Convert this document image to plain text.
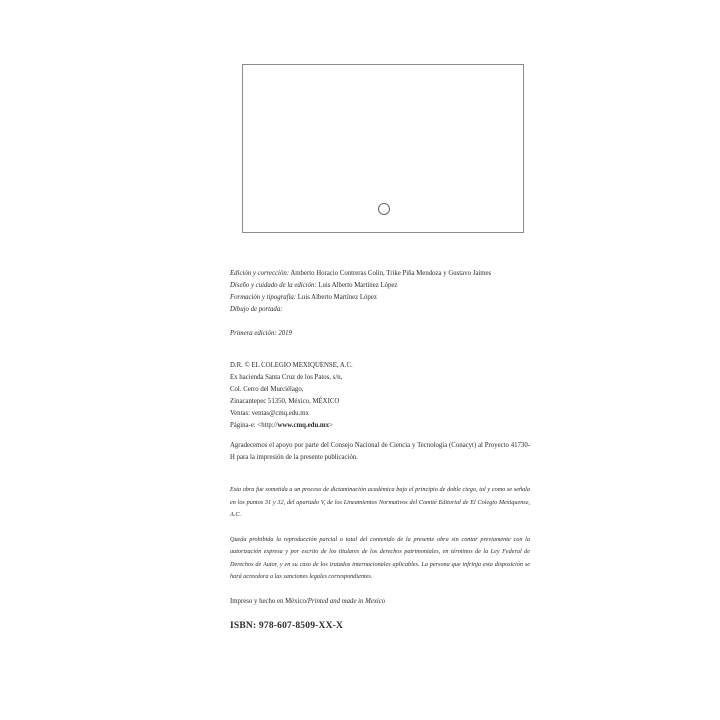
Edición y corrección: Amberto Horacio Contreras Colín, Trike Piña Mendoza y Gustavo Jaimes
Diseño y cuidado de la edición: Luis Alberto Martínez López
Formación y tipografía: Luis Alberto Martínez López
Dibujo de portada:
Primera edición: 2019
D.R. © EL COLEGIO MEXIQUENSE, A.C.
Ex hacienda Santa Cruz de los Patos, s/n,
Col. Cerro del Murciélago,
Zinacantepec 51350, México, MÉXICO
Ventas: ventas@cmq.edu.mx
Página-e: <http://www.cmq.edu.mx>
Agradecemos el apoyo por parte del Consejo Nacional de Ciencia y Tecnología (Conacyt) al Proyecto 41730-H para la impresión de la presente publicación.
Esta obra fue sometida a un proceso de dictaminación académica bajo el principio de doble ciego, tal y como se señala en los puntos 31 y 32, del apartado V, de los Lineamientos Normativos del Comité Editorial de El Colegio Mexiquense, A.C.
Queda prohibida la reproducción parcial o total del contenido de la presente obra sin contar previamente con la autorización expresa y por escrito de los titulares de los derechos patrimoniales, en términos de la Ley Federal de Derechos de Autor, y en su caso de los tratados internacionales aplicables. La persona que infrinja esta disposición se hará acreedora a las sanciones legales correspondientes.
Impreso y hecho en México/Printed and made in Mexico
ISBN: 978-607-8509-XX-X
